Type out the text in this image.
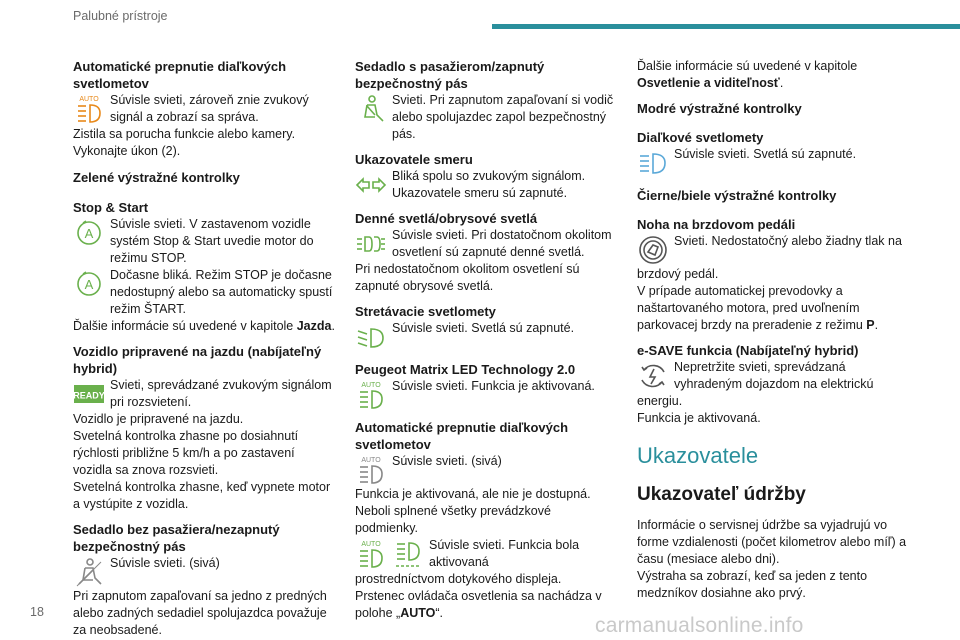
Palubné prístroje
Automatické prepnutie diaľkových svetlometov
AUTO Súvisle svieti, zároveň znie zvukový signál a zobrazí sa správa.

Zistila sa porucha funkcie alebo kamery.

Vykonajte úkon (2).

Zelené výstražné kontrolky
Stop & Start
A
Súvisle svieti. V zastavenom vozidle systém Stop & Start uvedie motor do režimu STOP.
A
Dočasne bliká. Režim STOP je dočasne nedostupný alebo sa automaticky spustí režim ŠTART.

Ďalšie informácie sú uvedené v kapitole Jazda.

Vozidlo pripravené na jazdu (nabíjateľný hybrid)
READY
Svieti, sprevádzané zvukovým signálom pri rozsvietení.

Vozidlo je pripravené na jazdu.

Svetelná kontrolka zhasne po dosiahnutí rýchlosti približne 5 km/h a po zastavení vozidla sa znova rozsvieti.

Svetelná kontrolka zhasne, keď vypnete motor a vystúpite z vozidla.

Sedadlo bez pasažiera/nezapnutý bezpečnostný pás
Súvisle svieti. (sivá)

Pri zapnutom zapaľovaní sa jedno z predných alebo zadných sedadiel spolujazdca považuje za neobsadené.

Sedadlo s pasažierom/zapnutý bezpečnostný pás
Svieti. Pri zapnutom zapaľovaní si vodič alebo spolujazdec zapol bezpečnostný pás.
Ukazovatele smeru
Bliká spolu so zvukovým signálom. Ukazovatele smeru sú zapnuté.
Denné svetlá/obrysové svetlá
Súvisle svieti. Pri dostatočnom okolitom osvetlení sú zapnuté denné svetlá.

Pri nedostatočnom okolitom osvetlení sú zapnuté obrysové svetlá.

Stretávacie svetlomety
Súvisle svieti. Svetlá sú zapnuté.
Peugeot Matrix LED Technology 2.0
AUTO Súvisle svieti. Funkcia je aktivovaná.
Automatické prepnutie diaľkových svetlometov
AUTO Súvisle svieti. (sivá)

Funkcia je aktivovaná, ale nie je dostupná.

Neboli splnené všetky prevádzkové podmienky.

AUTO	Súvisle svieti. Funkcia bola aktivovaná

prostredníctvom dotykového displeja.

Prstenec ovládača osvetlenia sa nachádza v polohe „AUTO“.

Ďalšie informácie sú uvedené v kapitole Osvetlenie a viditeľnosť.

Modré výstražné kontrolky
Diaľkové svetlomety
Súvisle svieti. Svetlá sú zapnuté.
Čierne/biele výstražné kontrolky
Noha na brzdovom pedáli
Svieti. Nedostatočný alebo žiadny tlak na

brzdový pedál.

V prípade automatickej prevodovky a naštartovaného motora, pred uvoľnením parkovacej brzdy na preradenie z režimu P.

e-SAVE funkcia (Nabíjateľný hybrid)
Nepretržite svieti, sprevádzaná vyhradeným dojazdom na elektrickú

energiu.

Funkcia je aktivovaná.

Ukazovatele
Ukazovateľ údržby

Informácie o servisnej údržbe sa vyjadrujú vo forme vzdialenosti (počet kilometrov alebo míľ) a času (mesiace alebo dni).

Výstraha sa zobrazí, keď sa jeden z tento medzníkov dosiahne ako prvý.

18
carmanualsonline.info
